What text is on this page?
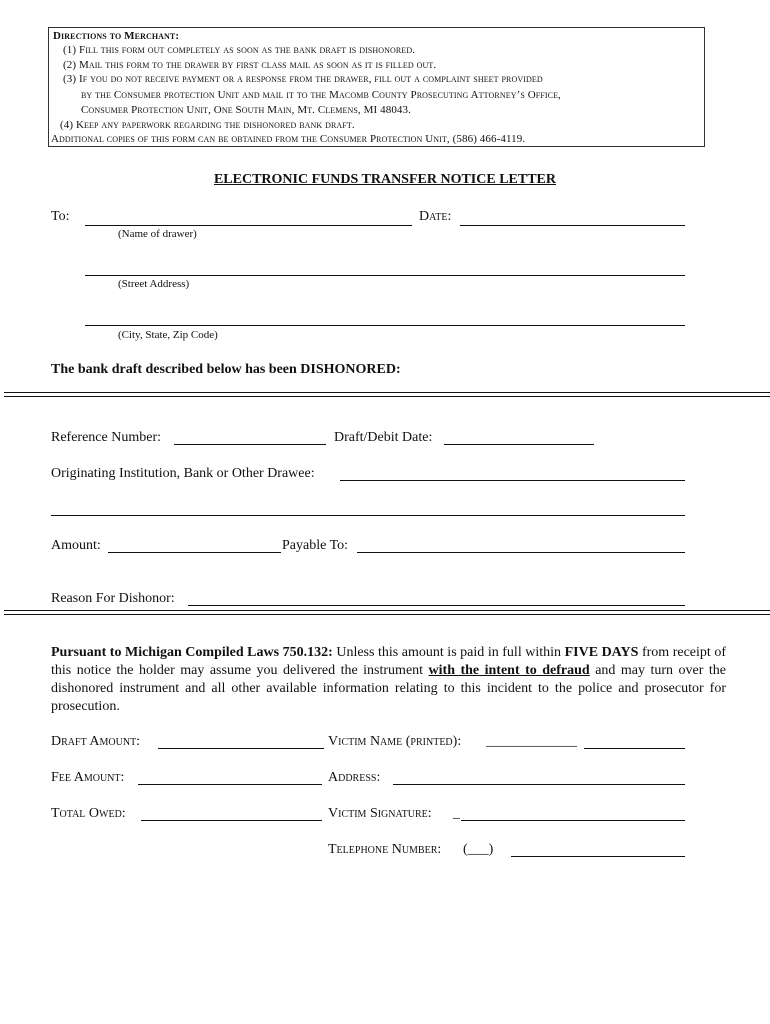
Directions to Merchant:
(1) Fill this form out completely as soon as the bank draft is dishonored.
(2) Mail this form to the drawer by first class mail as soon as it is filled out.
(3) If you do not receive payment or a response from the drawer, fill out a complaint sheet provided
by the Consumer protection Unit and mail it to the Macomb County Prosecuting Attorney’s Office,
Consumer Protection Unit, One South Main, Mt. Clemens, MI 48043.
(4) Keep any paperwork regarding the dishonored bank draft.
Additional copies of this form can be obtained from the Consumer Protection Unit, (586) 466-4119.
ELECTRONIC FUNDS TRANSFER NOTICE LETTER
To:	Date:
(Name of drawer)
(Street Address)
(City, State, Zip Code)
The bank draft described below has been DISHONORED:
Reference Number:	Draft/Debit Date:
Originating Institution, Bank or Other Drawee:
Amount:	Payable To:
Reason For Dishonor:
Pursuant to Michigan Compiled Laws 750.132: Unless this amount is paid in full within FIVE DAYS from receipt of this notice the holder may assume you delivered the instrument with the intent to defraud and may turn over the dishonored instrument and all other available information relating to this incident to the police and prosecutor for prosecution.
Draft Amount:	Victim Name (printed): _____________
Fee Amount:	Address:
Total Owed:	Victim Signature: _
Telephone Number: (___)
